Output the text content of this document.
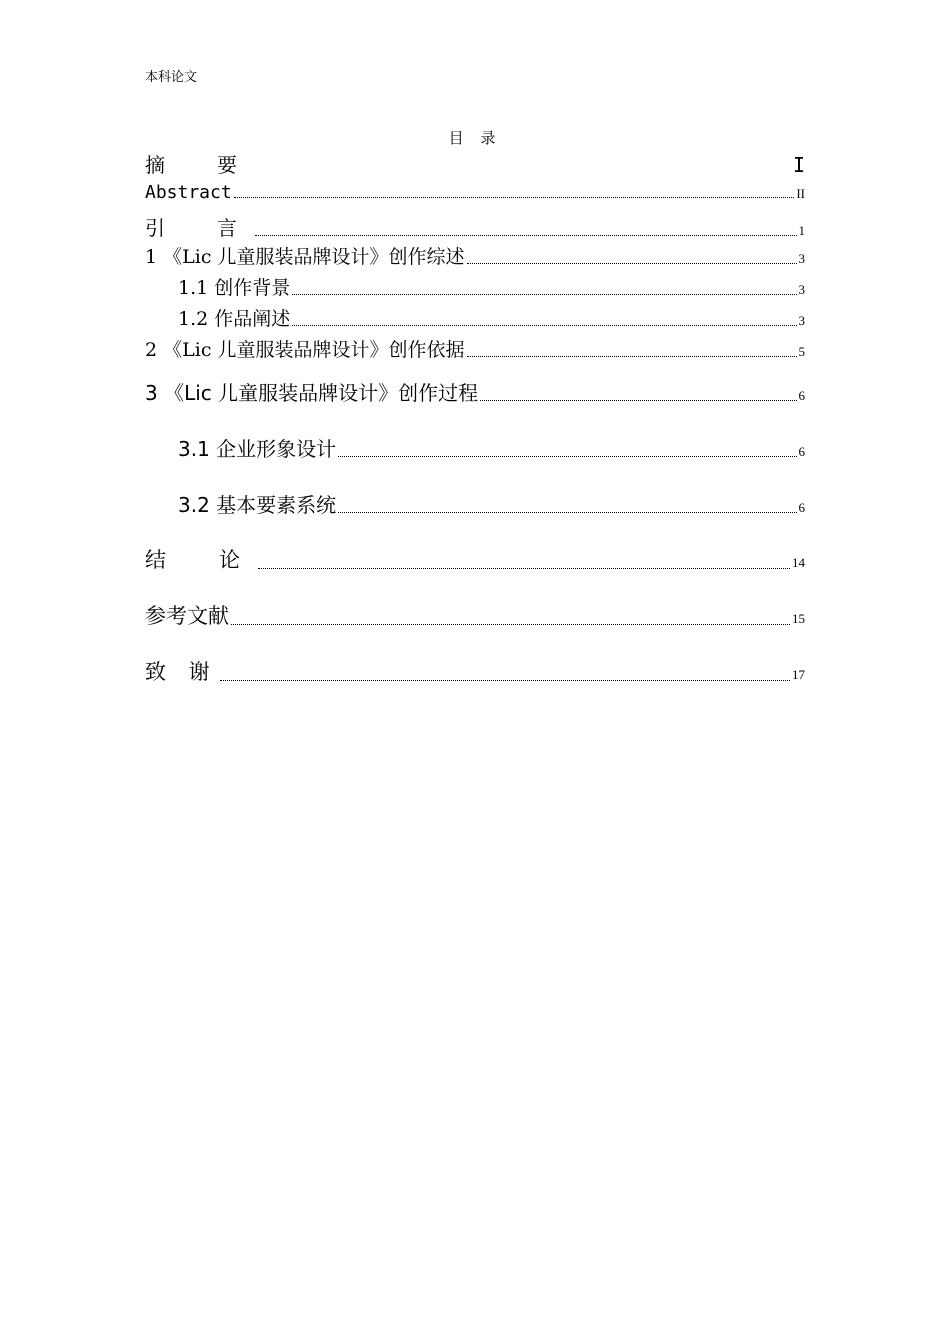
本科论文
目 录
摘　要	I
Abstract	II
引　言	1
1 《Lic 儿童服装品牌设计》创作综述	3
1.1 创作背景	3
1.2 作品阐述	3
2 《Lic 儿童服装品牌设计》创作依据	5
3 《Lic 儿童服装品牌设计》创作过程	6
3.1 企业形象设计	6
3.2 基本要素系统	6
结　论	14
参考文献	15
致 谢	17
